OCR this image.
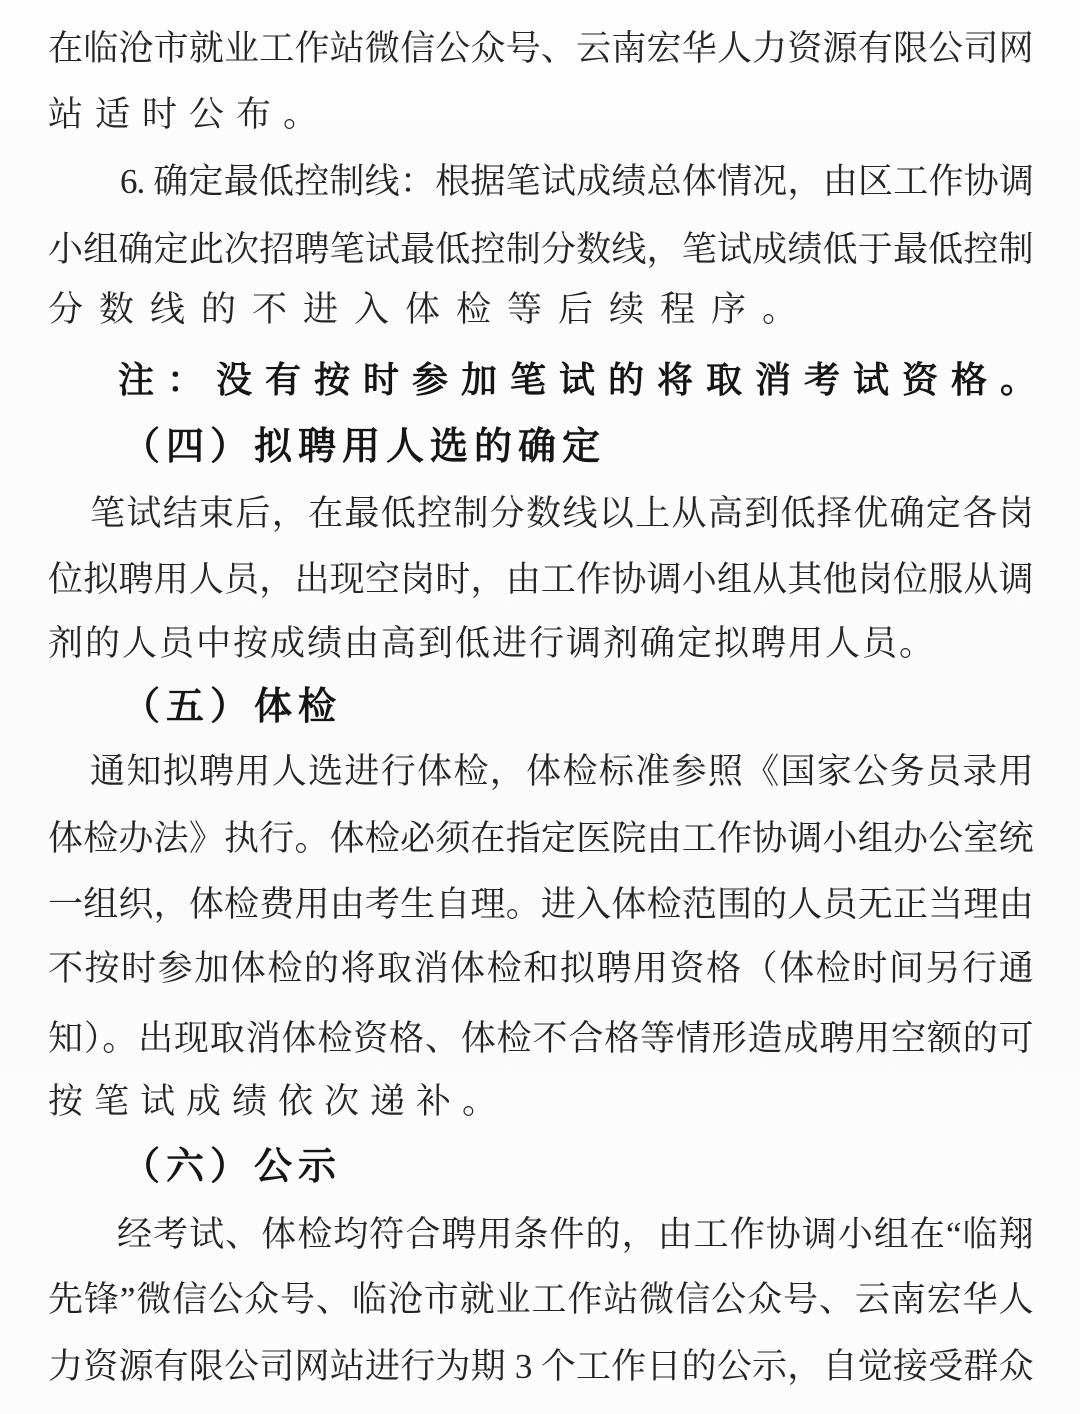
在临沧市就业工作站微信公众号、云南宏华人力资源有限公司网
站适时公布。
6. 确定最低控制线：根据笔试成绩总体情况，由区工作协调
小组确定此次招聘笔试最低控制分数线，笔试成绩低于最低控制
分数线的不进入体检等后续程序。
注：没有按时参加笔试的将取消考试资格。
（四）拟聘用人选的确定
笔试结束后，在最低控制分数线以上从高到低择优确定各岗
位拟聘用人员，出现空岗时，由工作协调小组从其他岗位服从调
剂的人员中按成绩由高到低进行调剂确定拟聘用人员。
（五）体检
通知拟聘用人选进行体检，体检标准参照《国家公务员录用
体检办法》执行。体检必须在指定医院由工作协调小组办公室统
一组织，体检费用由考生自理。进入体检范围的人员无正当理由
不按时参加体检的将取消体检和拟聘用资格（体检时间另行通
知）。出现取消体检资格、体检不合格等情形造成聘用空额的可
按笔试成绩依次递补。
（六）公示
经考试、体检均符合聘用条件的，由工作协调小组在“临翔
先锋”微信公众号、临沧市就业工作站微信公众号、云南宏华人
力资源有限公司网站进行为期 3 个工作日的公示，自觉接受群众
